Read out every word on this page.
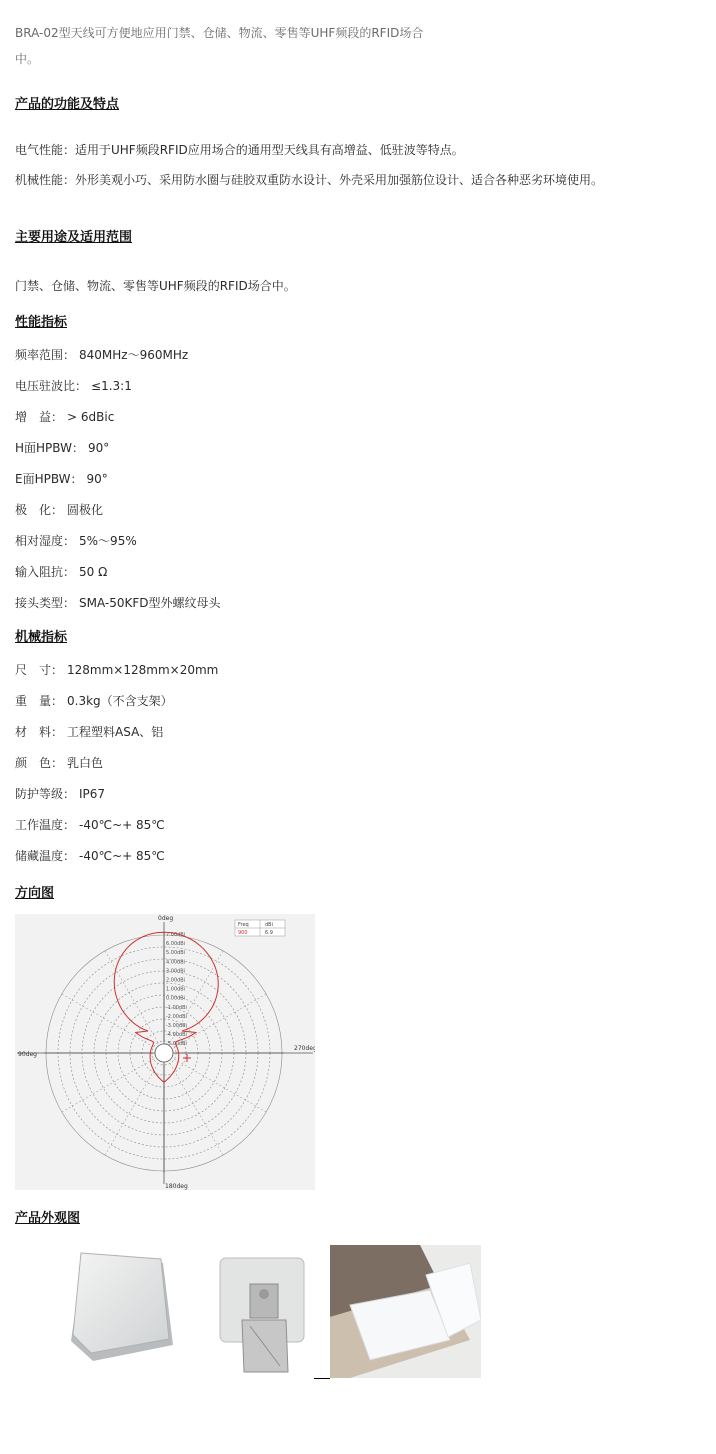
BRA-02型天线可方便地应用门禁、仓储、物流、零售等UHF频段的RFID场合
中。
产品的功能及特点
电气性能：适用于UHF频段RFID应用场合的通用型天线具有高增益、低驻波等特点。
机械性能：外形美观小巧、采用防水圈与硅胶双重防水设计、外壳采用加强筋位设计、适合各种恶劣环境使用。
主要用途及适用范围
门禁、仓储、物流、零售等UHF频段的RFID场合中。
性能指标
频率范围： 840MHz～960MHz
电压驻波比： ≤1.3:1
增　益： > 6dBic
H面HPBW： 90°
E面HPBW： 90°
极　化： 圆极化
相对湿度： 5%～95%
输入阻抗： 50 Ω
接头类型： SMA-50KFD型外螺纹母头
机械指标
尺　寸： 128mm×128mm×20mm
重　量： 0.3kg（不含支架）
材　料： 工程塑料ASA、铝
颜　色： 乳白色
防护等级： IP67
工作温度： -40℃~+ 85℃
储藏温度： -40℃~+ 85℃
方向图
7.00dBi
6.00dBi
5.00dBi
4.00dBi
3.00dBi
2.00dBi
1.00dBi
0.00dBi
-1.00dBi
-2.00dBi
-3.00dBi
-4.00dBi
-5.00dBi
0deg
270deg
180deg
90deg
Freq	dBi
900	6.9
产品外观图
